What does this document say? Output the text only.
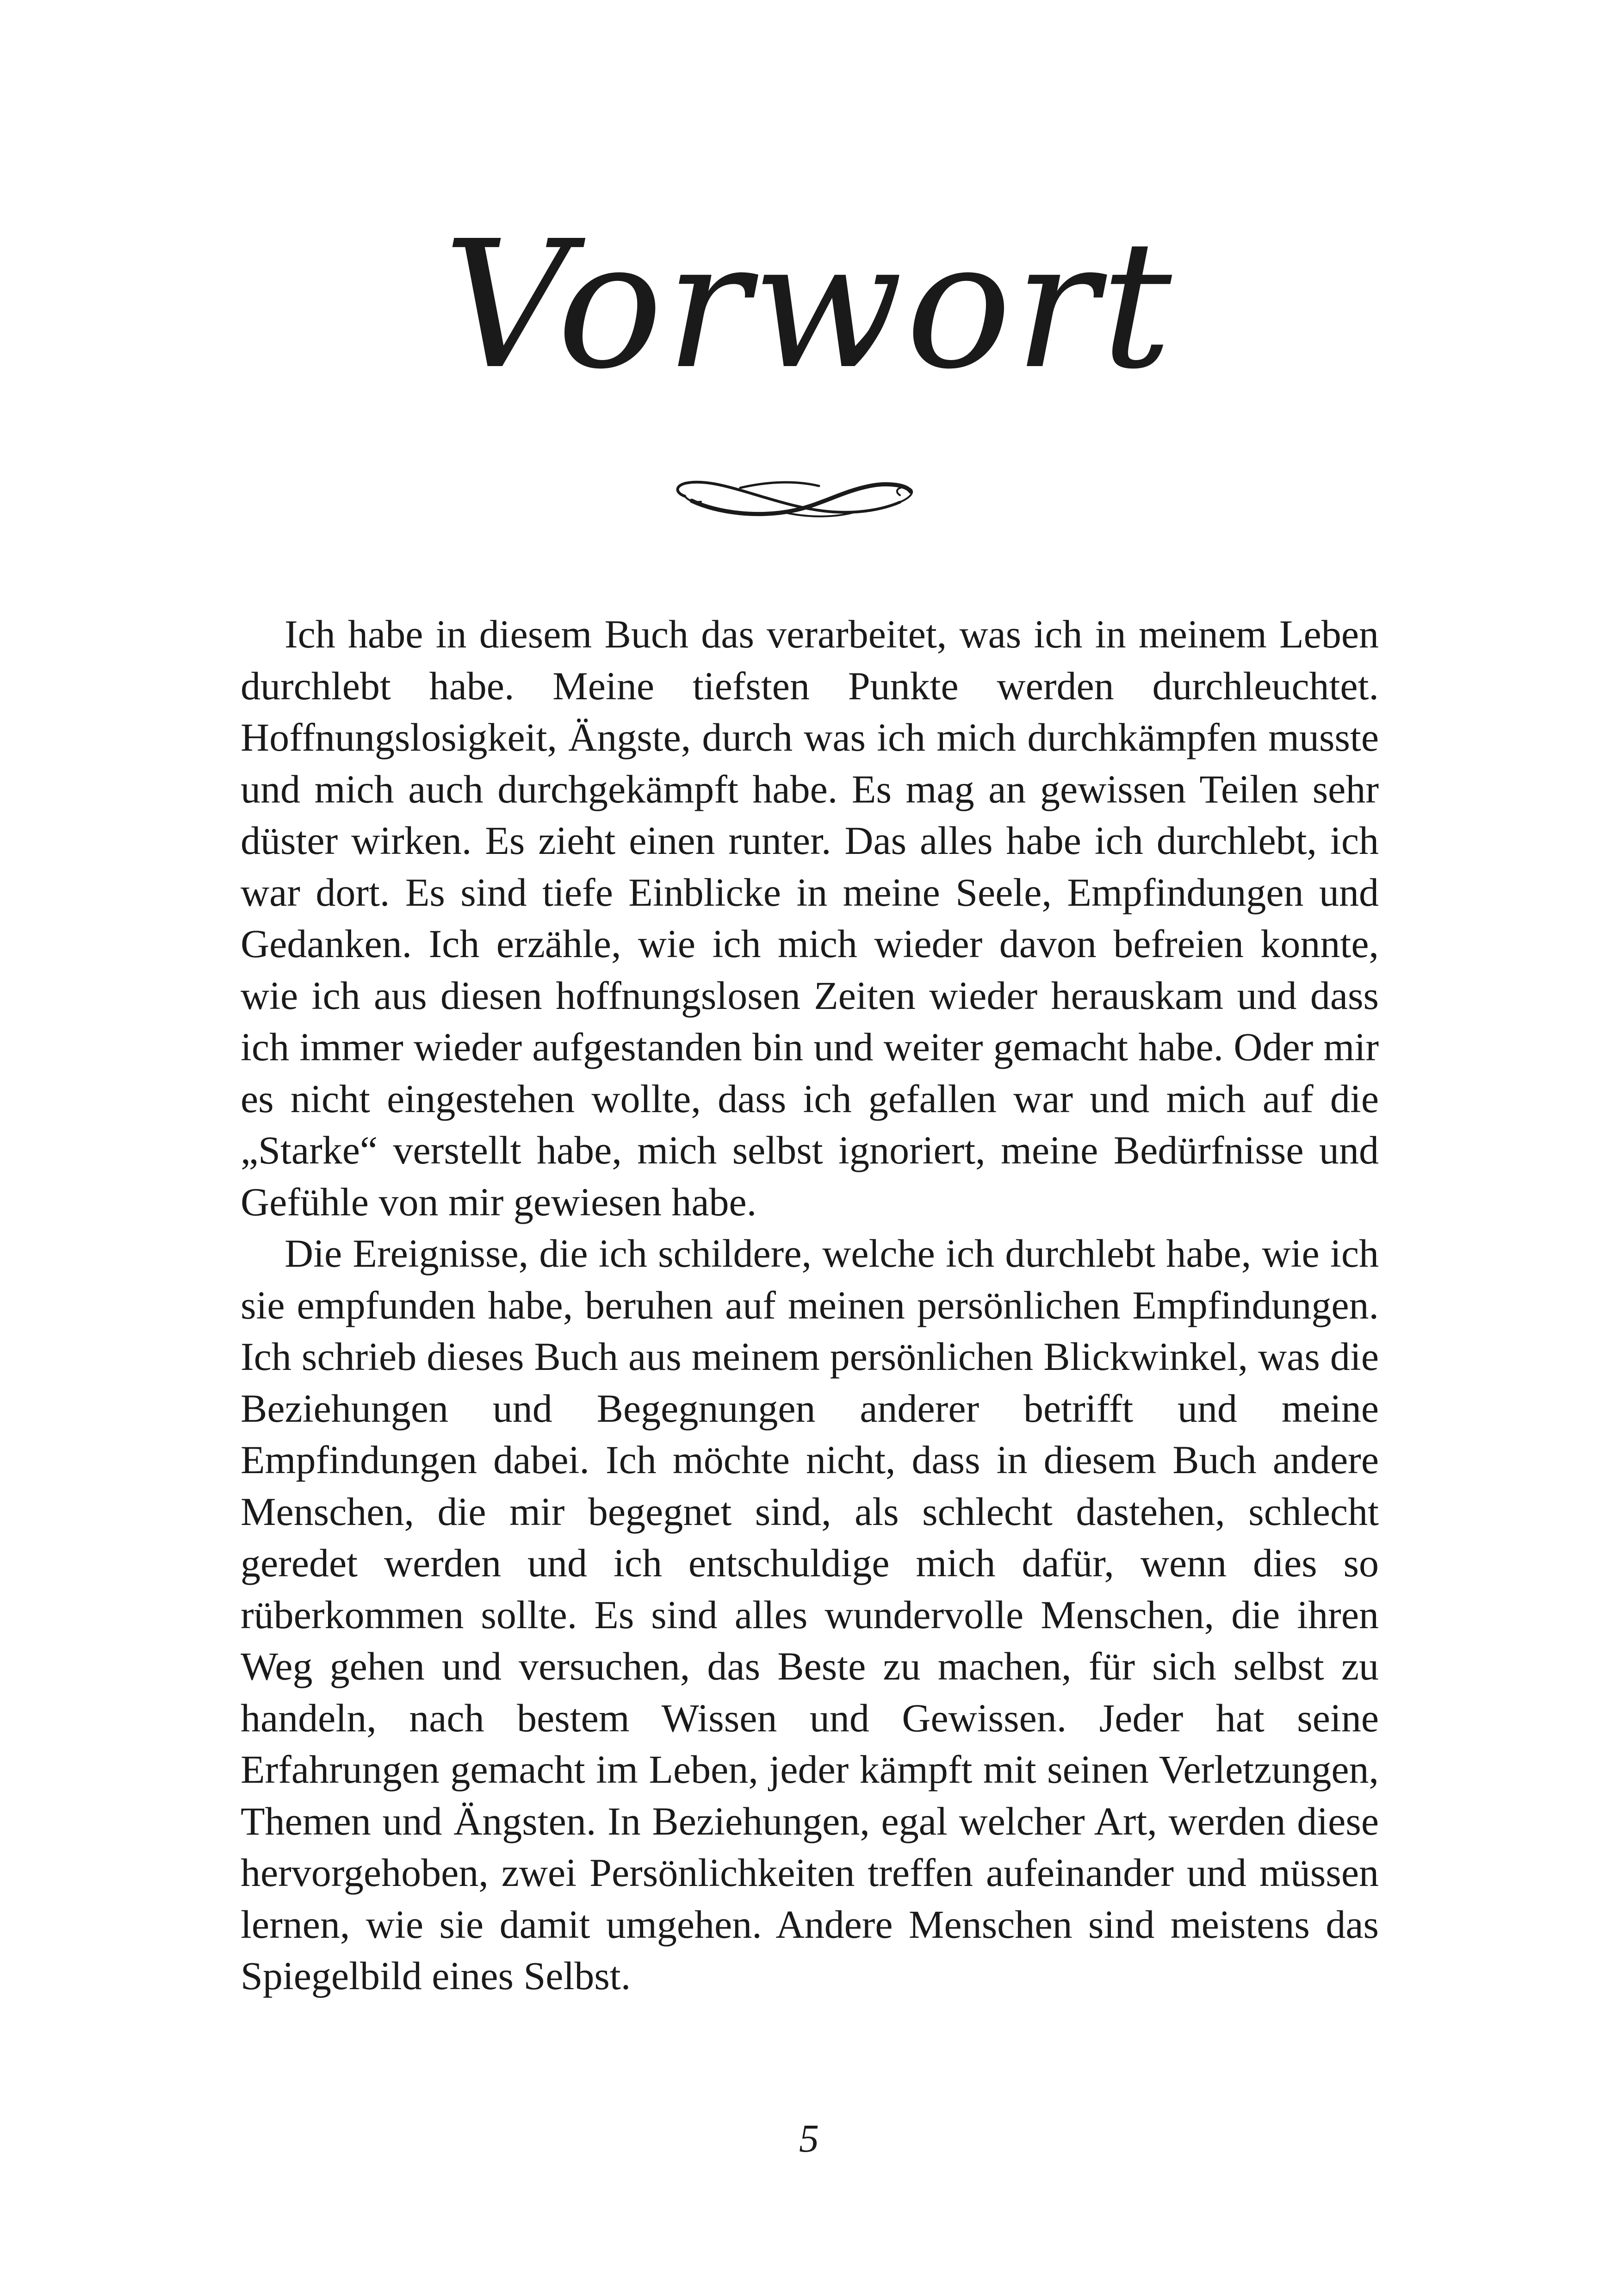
Vorwort

Ich habe in diesem Buch das verarbeitet, was ich in meinem Leben durchlebt habe. Meine tiefsten Punkte werden durchleuchtet. Hoffnungslosigkeit, Ängste, durch was ich mich durchkämpfen musste und mich auch durchgekämpft habe. Es mag an gewissen Teilen sehr düster wirken. Es zieht einen runter. Das alles habe ich durchlebt, ich war dort. Es sind tiefe Einblicke in meine Seele, Empfindungen und Gedanken. Ich erzähle, wie ich mich wieder davon befreien konnte, wie ich aus diesen hoffnungslosen Zeiten wieder herauskam und dass ich immer wieder aufgestanden bin und weiter gemacht habe. Oder mir es nicht eingestehen wollte, dass ich gefallen war und mich auf die „Starke“ verstellt habe, mich selbst ignoriert, meine Bedürfnisse und Gefühle von mir gewiesen habe.

Die Ereignisse, die ich schildere, welche ich durchlebt habe, wie ich sie empfunden habe, beruhen auf meinen persönlichen Empfindungen. Ich schrieb dieses Buch aus meinem persönlichen Blickwinkel, was die Beziehungen und Begegnungen anderer betrifft und meine Empfindungen dabei. Ich möchte nicht, dass in diesem Buch andere Menschen, die mir begegnet sind, als schlecht dastehen, schlecht geredet werden und ich entschuldige mich dafür, wenn dies so rüberkommen sollte. Es sind alles wundervolle Menschen, die ihren Weg gehen und versuchen, das Beste zu machen, für sich selbst zu handeln, nach bestem Wissen und Gewissen. Jeder hat seine Erfahrungen gemacht im Leben, jeder kämpft mit seinen Verletzungen, Themen und Ängsten. In Beziehungen, egal welcher Art, werden diese hervorgehoben, zwei Persönlichkeiten treffen aufeinander und müssen lernen, wie sie damit umgehen. Andere Menschen sind meistens das Spiegelbild eines Selbst.

5
